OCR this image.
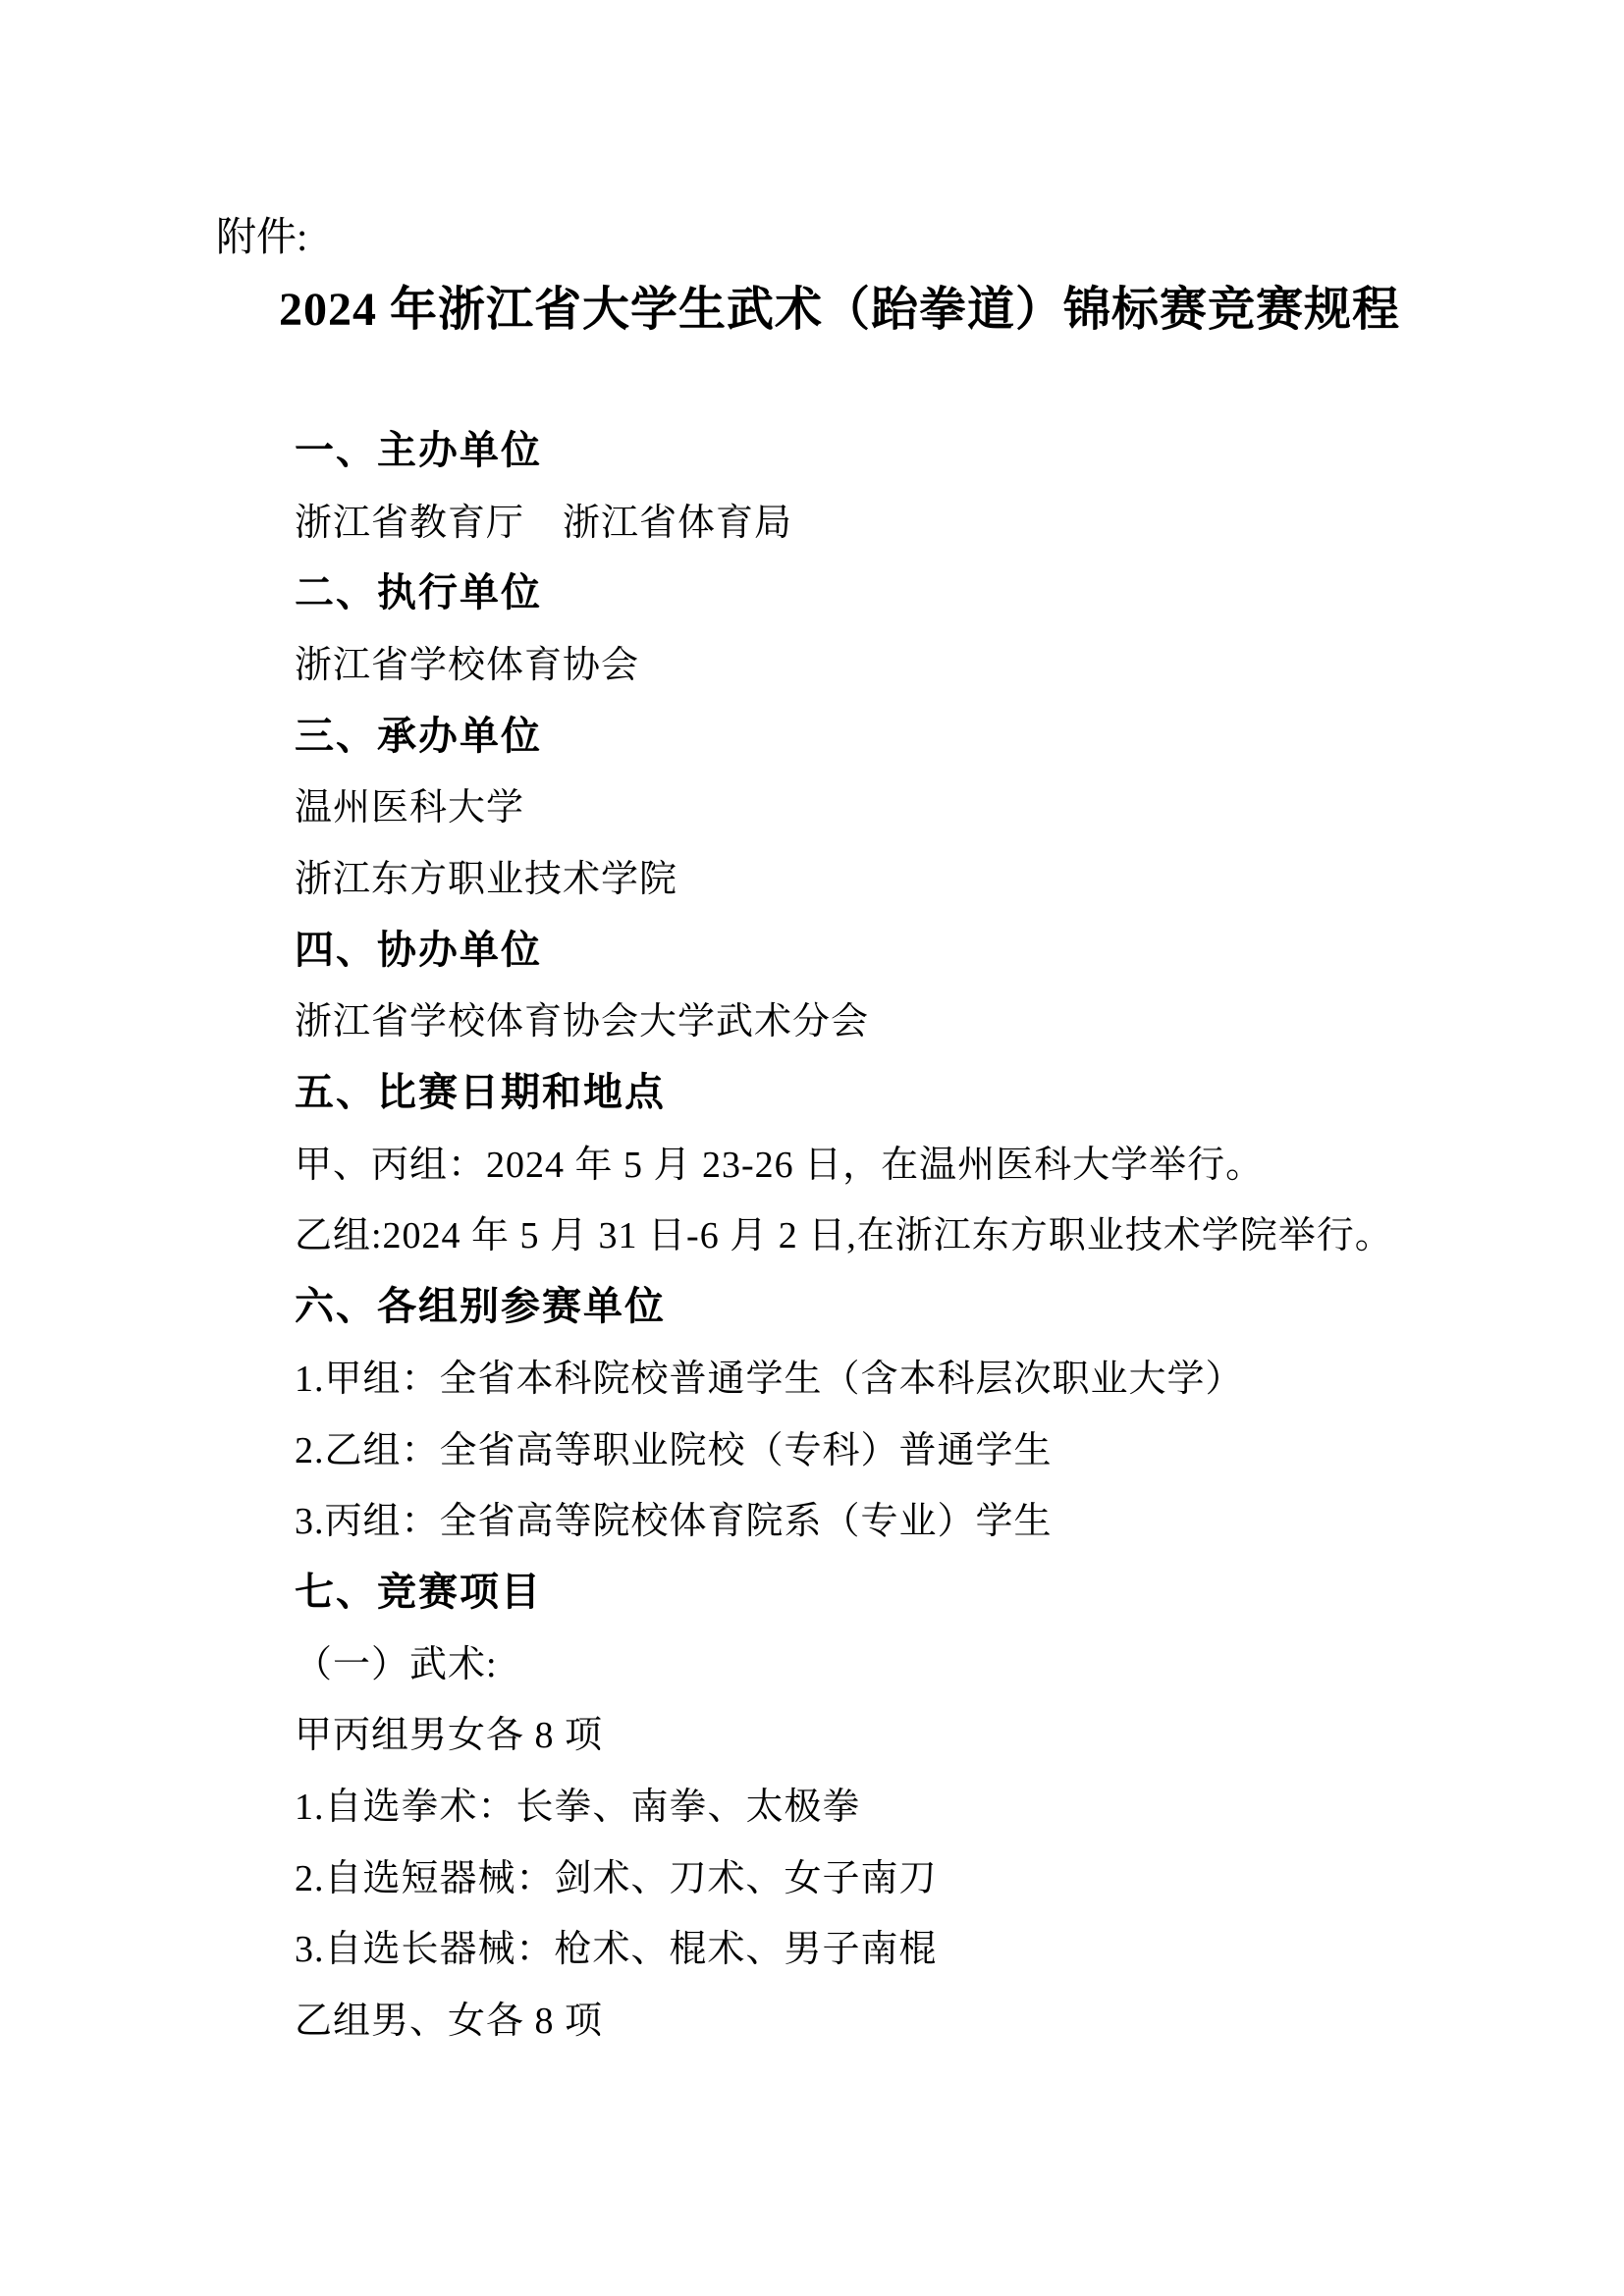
附件:
2024 年浙江省大学生武术（跆拳道）锦标赛竞赛规程
一、主办单位
浙江省教育厅　浙江省体育局
二、执行单位
浙江省学校体育协会
三、承办单位
温州医科大学
浙江东方职业技术学院
四、协办单位
浙江省学校体育协会大学武术分会
五、比赛日期和地点
甲、丙组：2024 年 5 月 23-26 日，在温州医科大学举行。
乙组:2024 年 5 月 31 日-6 月 2 日,在浙江东方职业技术学院举行。
六、各组别参赛单位
1.甲组：全省本科院校普通学生（含本科层次职业大学）
2.乙组：全省高等职业院校（专科）普通学生
3.丙组：全省高等院校体育院系（专业）学生
七、竞赛项目
（一）武术:
甲丙组男女各 8 项
1.自选拳术：长拳、南拳、太极拳
2.自选短器械：剑术、刀术、女子南刀
3.自选长器械：枪术、棍术、男子南棍
乙组男、女各 8 项
